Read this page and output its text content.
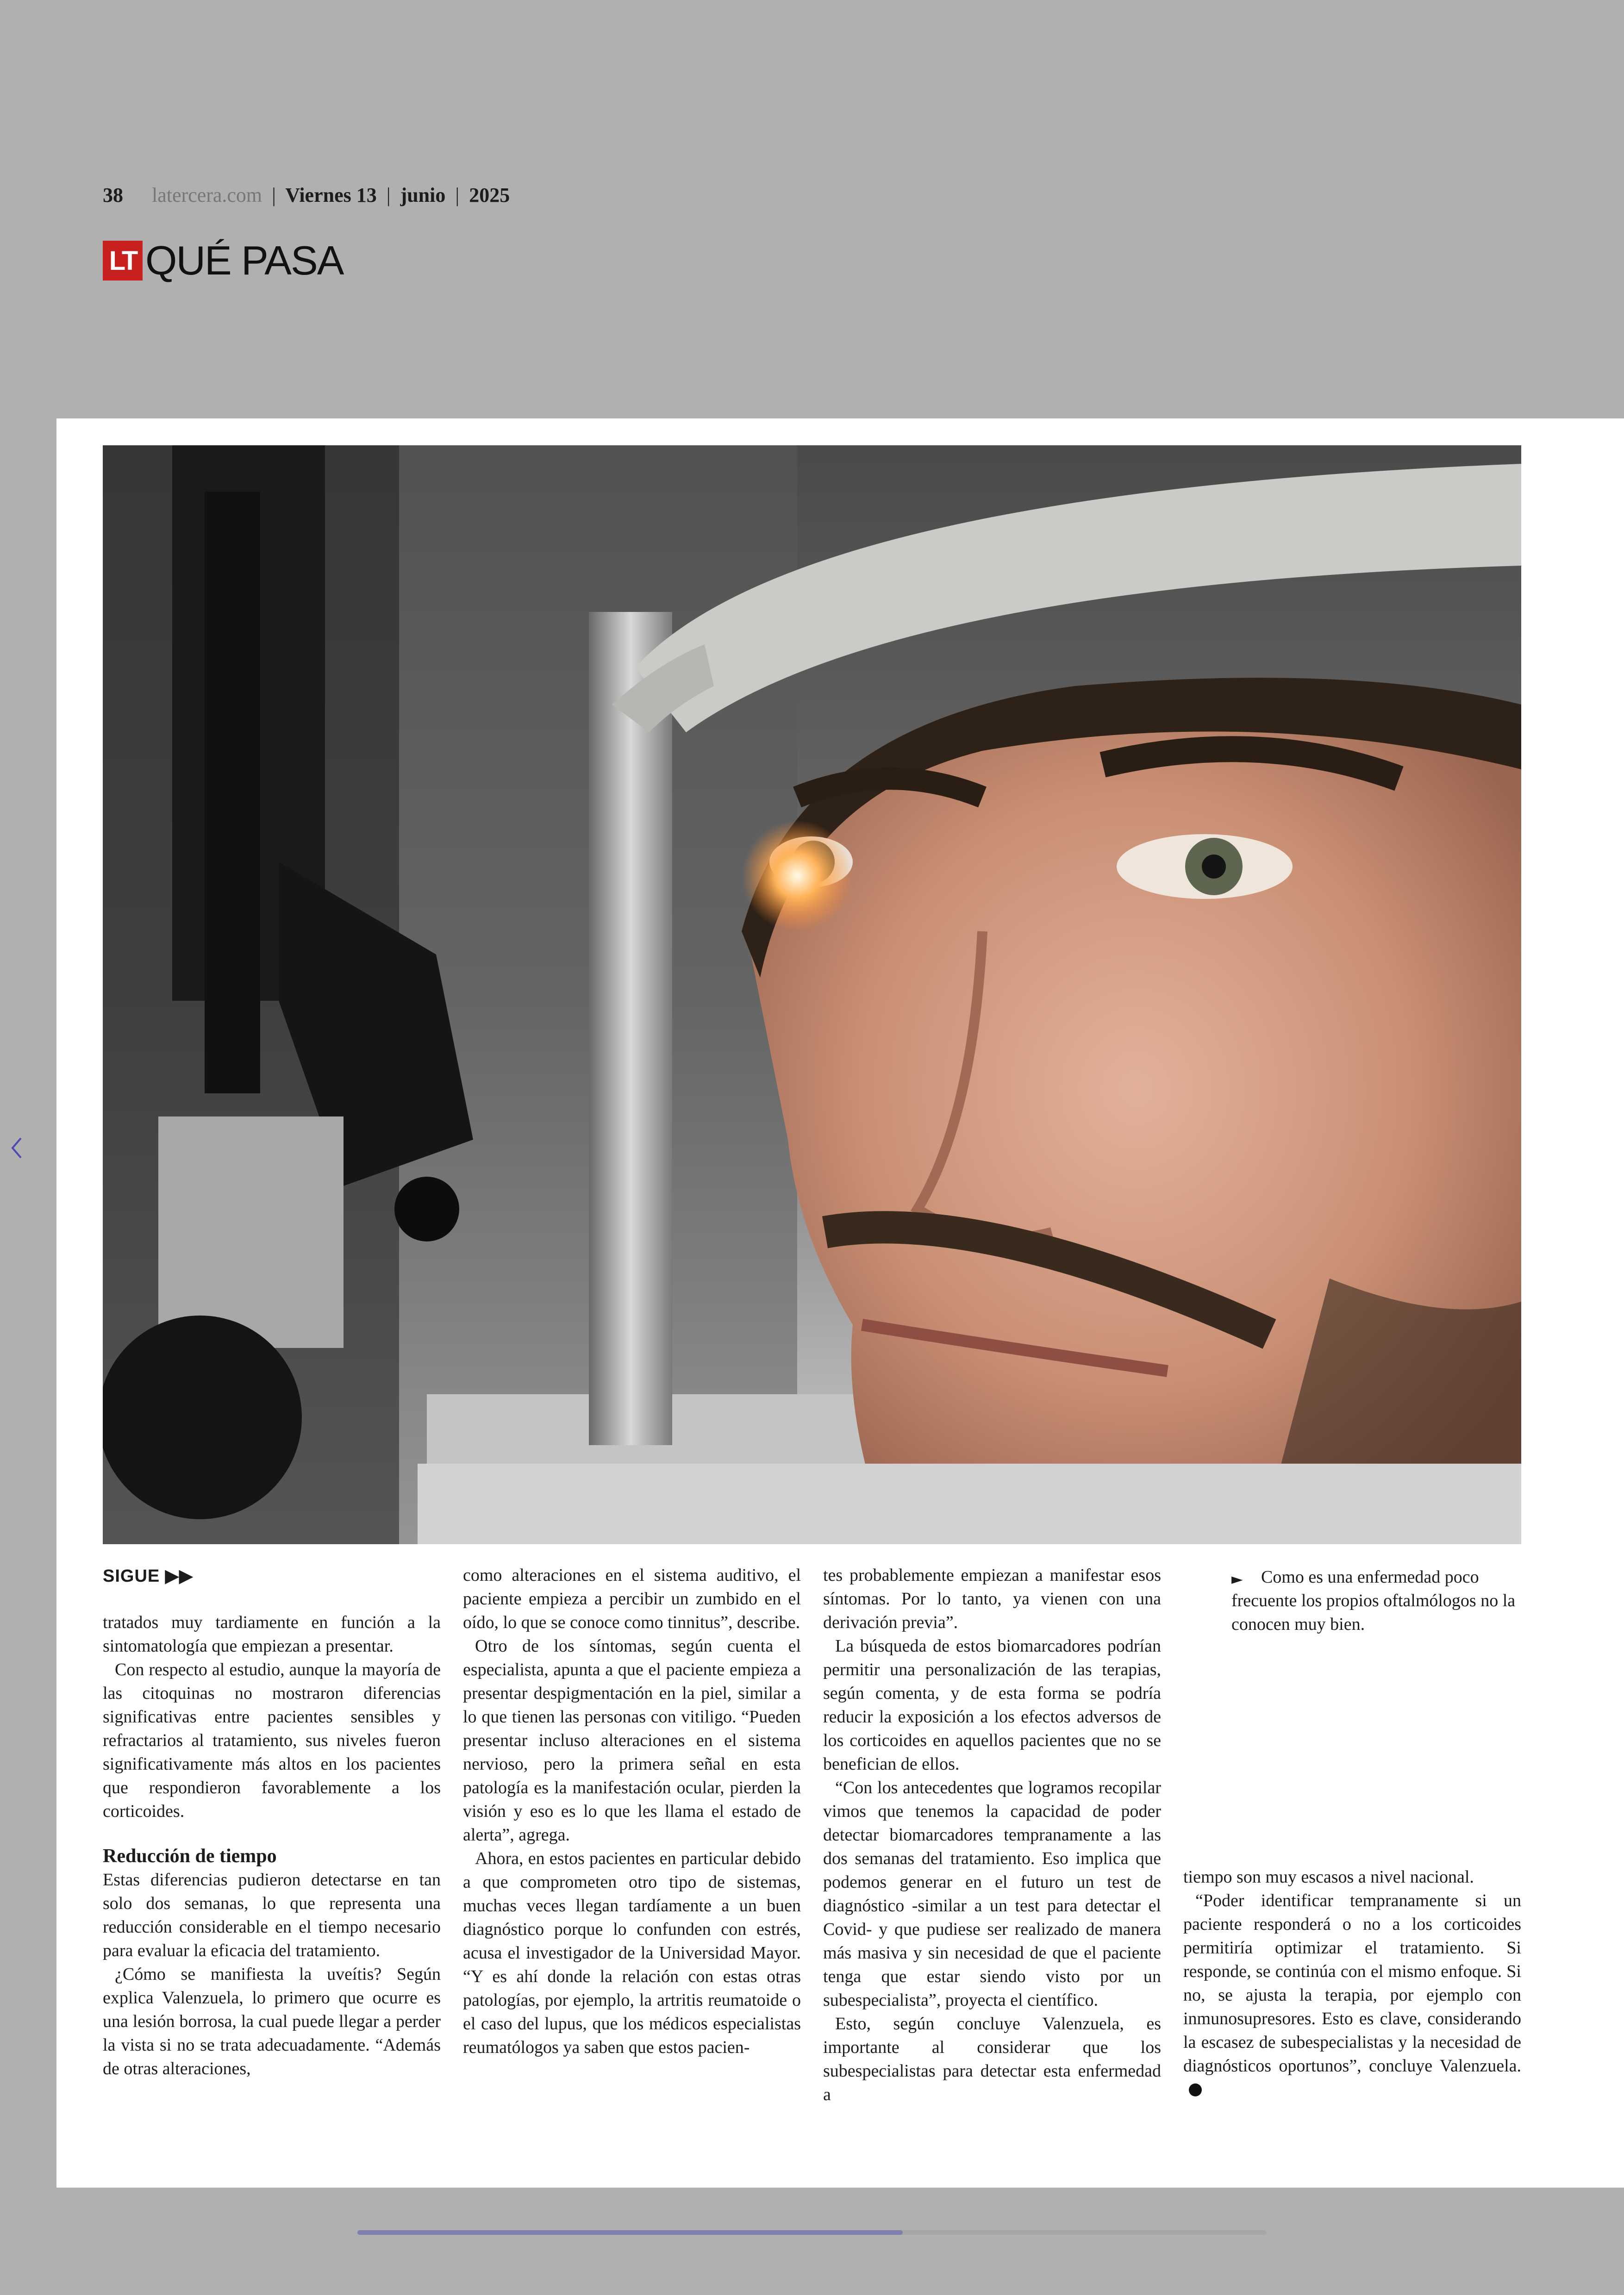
38 latercera.com | Viernes 13 | junio | 2025
LT QUÉ PASA
SIGUE ▶▶

tratados muy tardiamente en función a la sintomatología que empiezan a presentar.

Con respecto al estudio, aunque la mayoría de las citoquinas no mostraron diferencias significativas entre pacientes sensibles y refractarios al tratamiento, sus niveles fueron significativamente más altos en los pacientes que respondieron favorablemente a los corticoides.

Reducción de tiempo

Estas diferencias pudieron detectarse en tan solo dos semanas, lo que representa una reducción considerable en el tiempo necesario para evaluar la eficacia del tratamiento.

¿Cómo se manifiesta la uveítis? Según explica Valenzuela, lo primero que ocurre es una lesión borrosa, la cual puede llegar a perder la vista si no se trata adecuadamente. “Además de otras alteraciones,

como alteraciones en el sistema auditivo, el paciente empieza a percibir un zumbido en el oído, lo que se conoce como tinnitus”, describe.

Otro de los síntomas, según cuenta el especialista, apunta a que el paciente empieza a presentar despigmentación en la piel, similar a lo que tienen las personas con vitiligo. “Pueden presentar incluso alteraciones en el sistema nervioso, pero la primera señal en esta patología es la manifestación ocular, pierden la visión y eso es lo que les llama el estado de alerta”, agrega.

Ahora, en estos pacientes en particular debido a que comprometen otro tipo de sistemas, muchas veces llegan tardíamente a un buen diagnóstico porque lo confunden con estrés, acusa el investigador de la Universidad Mayor. “Y es ahí donde la relación con estas otras patologías, por ejemplo, la artritis reumatoide o el caso del lupus, que los médicos especialistas reumatólogos ya saben que estos pacien-

tes probablemente empiezan a manifestar esos síntomas. Por lo tanto, ya vienen con una derivación previa”.

La búsqueda de estos biomarcadores podrían permitir una personalización de las terapias, según comenta, y de esta forma se podría reducir la exposición a los efectos adversos de los corticoides en aquellos pacientes que no se benefician de ellos.

“Con los antecedentes que logramos recopilar vimos que tenemos la capacidad de poder detectar biomarcadores tempranamente a las dos semanas del tratamiento. Eso implica que podemos generar en el futuro un test de diagnóstico -similar a un test para detectar el Covid- y que pudiese ser realizado de manera más masiva y sin necesidad de que el paciente tenga que estar siendo visto por un subespecialista”, proyecta el científico.

Esto, según concluye Valenzuela, es importante al considerar que los subespecialistas para detectar esta enfermedad a

►	Como es una enfermedad poco frecuente los propios oftalmólogos no la conocen muy bien.

tiempo son muy escasos a nivel nacional.

“Poder identificar tempranamente si un paciente responderá o no a los corticoides permitiría optimizar el tratamiento. Si responde, se continúa con el mismo enfoque. Si no, se ajusta la terapia, por ejemplo con inmunosupresores. Esto es clave, considerando la escasez de subespecialistas y la necesidad de diagnósticos oportunos”, concluye Valenzuela.
